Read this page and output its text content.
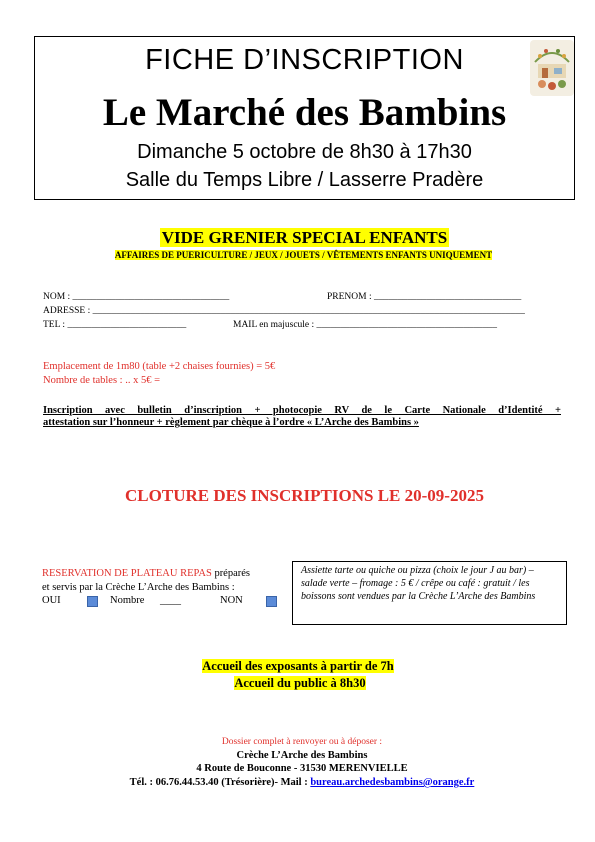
FICHE D’INSCRIPTION
Le Marché des Bambins
Dimanche 5 octobre de 8h30 à 17h30
Salle du Temps Libre / Lasserre Pradère
VIDE GRENIER SPECIAL ENFANTS
AFFAIRES DE PUERICULTURE / JEUX / JOUETS / VÊTEMENTS ENFANTS UNIQUEMENT
NOM : _________________________________	PRENOM : _______________________________
ADRESSE : ___________________________________________________________________________________________
TEL : _________________________	MAIL en majuscule : ______________________________________
Emplacement de 1m80 (table +2 chaises fournies) = 5€
Nombre de tables : .. x 5€ =
Inscription avec bulletin d’inscription + photocopie RV de le Carte Nationale d’Identité +
attestation sur l’honneur + règlement par chèque à l’ordre « L’Arche des Bambins »
CLOTURE DES INSCRIPTIONS LE 20-09-2025
RESERVATION DE PLATEAU REPAS préparés
et servis par la Crèche L’Arche des Bambins :
OUI	Nombre ____	NON
Assiette tarte ou quiche ou pizza (choix le jour J au bar) – salade verte – fromage : 5 € / crêpe ou café : gratuit / les boissons sont vendues par la Crèche L’Arche des Bambins
Accueil des exposants à partir de 7h
Accueil du public à 8h30
Dossier complet à renvoyer ou à déposer :
Crèche L’Arche des Bambins
4 Route de Bouconne - 31530 MERENVIELLE
Tél. : 06.76.44.53.40 (Trésorière)- Mail : bureau.archedesbambins@orange.fr
